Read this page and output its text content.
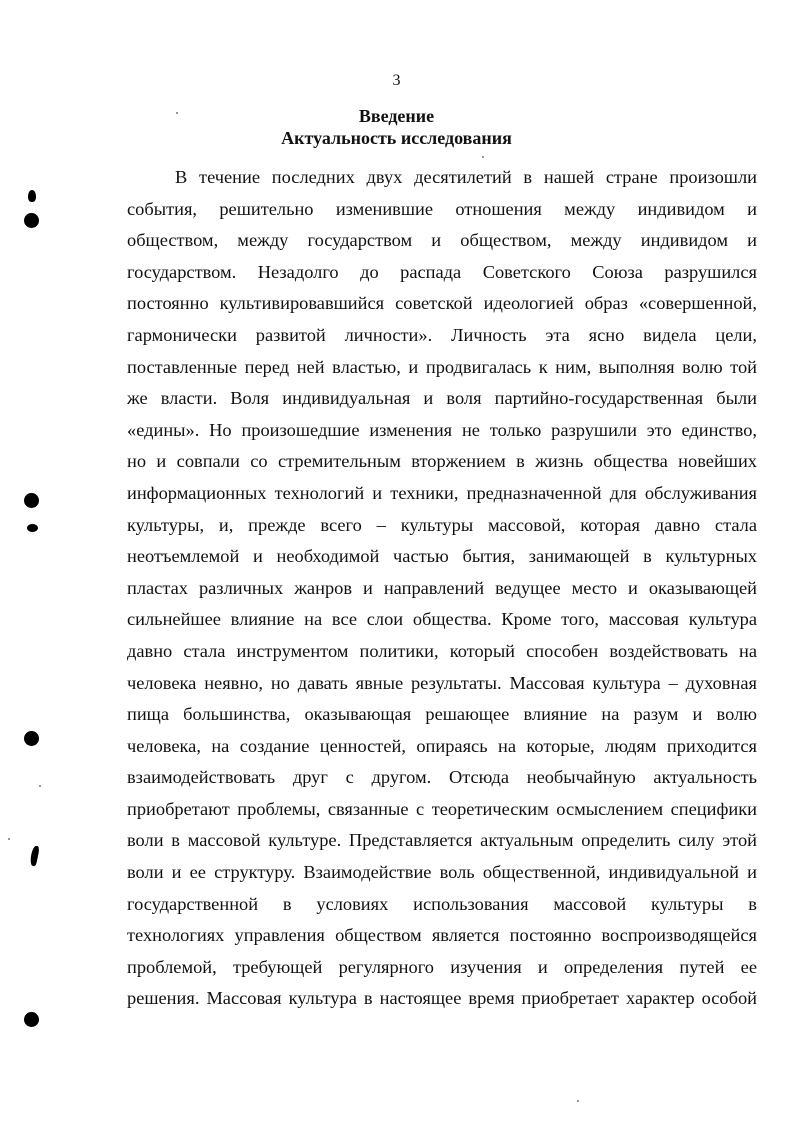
3
Введение
Актуальность исследования
В течение последних двух десятилетий в нашей стране произошли
события, решительно изменившие отношения между индивидом и
обществом, между государством и обществом, между индивидом и
государством. Незадолго до распада Советского Союза разрушился
постоянно культивировавшийся советской идеологией образ «совершенной,
гармонически развитой личности». Личность эта ясно видела цели,
поставленные перед ней властью, и продвигалась к ним, выполняя волю той
же власти. Воля индивидуальная и воля партийно-государственная были
«едины». Но произошедшие изменения не только разрушили это единство,
но и совпали со стремительным вторжением в жизнь общества новейших
информационных технологий и техники, предназначенной для обслуживания
культуры, и, прежде всего – культуры массовой, которая давно стала
неотъемлемой и необходимой частью бытия, занимающей в культурных
пластах различных жанров и направлений ведущее место и оказывающей
сильнейшее влияние на все слои общества. Кроме того, массовая культура
давно стала инструментом политики, который способен воздействовать на
человека неявно, но давать явные результаты. Массовая культура – духовная
пища большинства, оказывающая решающее влияние на разум и волю
человека, на создание ценностей, опираясь на которые, людям приходится
взаимодействовать друг с другом. Отсюда необычайную актуальность
приобретают проблемы, связанные с теоретическим осмыслением специфики
воли в массовой культуре. Представляется актуальным определить силу этой
воли и ее структуру. Взаимодействие воль общественной, индивидуальной и
государственной в условиях использования массовой культуры в
технологиях управления обществом является постоянно воспроизводящейся
проблемой, требующей регулярного изучения и определения путей ее
решения. Массовая культура в настоящее время приобретает характер особой
